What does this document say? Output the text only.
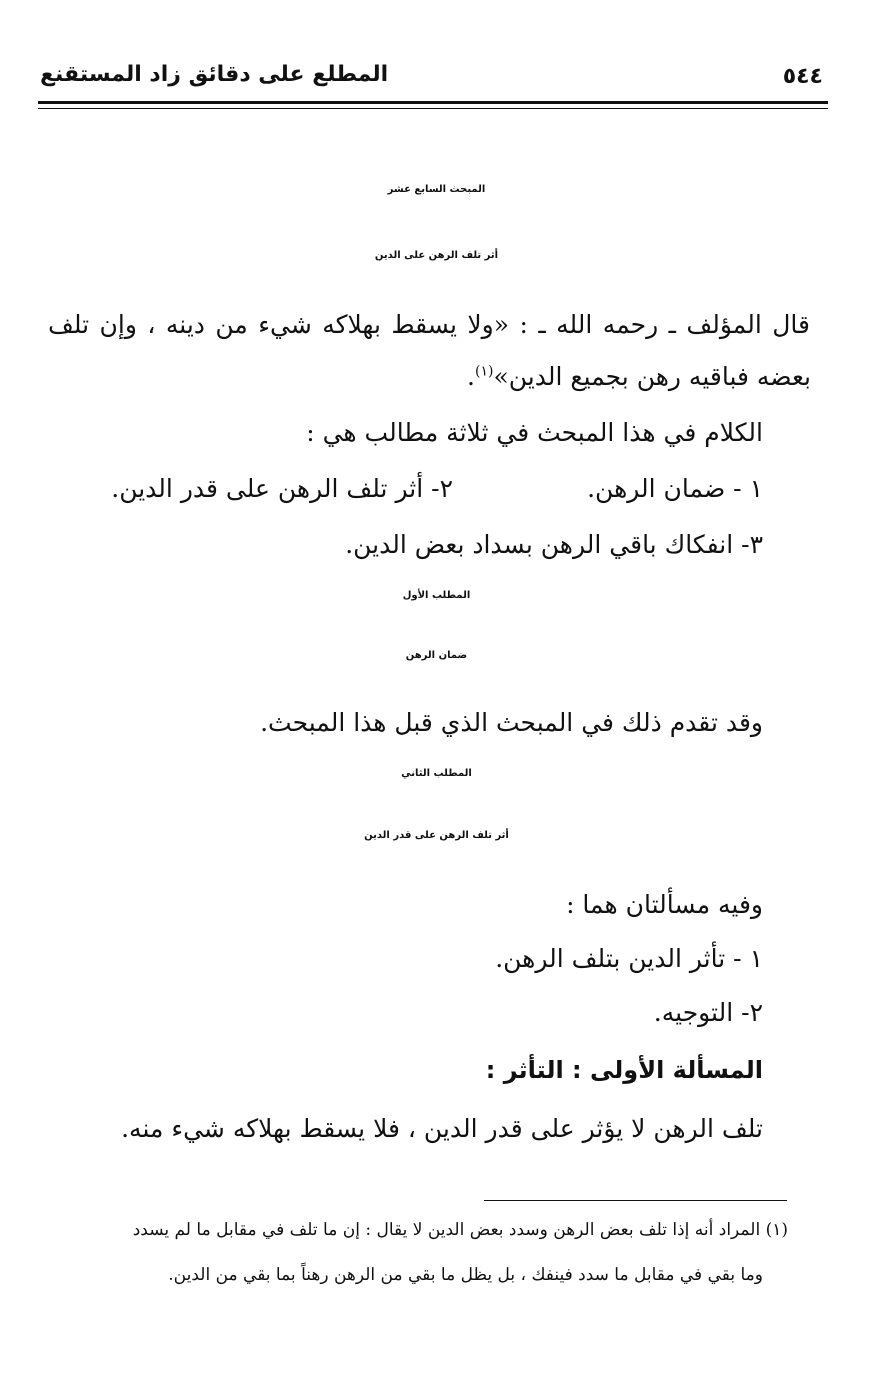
المطلع على دقائق زاد المستقنع	٥٤٤
المبحث السابع عشر
أثر تلف الرهن على الدين
قال المؤلف ـ رحمه الله ـ : «ولا يسقط بهلاكه شيء من دينه ، وإن تلف
بعضه فباقيه رهن بجميع الدين»$^{(١)}$.
الكلام في هذا المبحث في ثلاثة مطالب هي :
١ - ضمان الرهن.
٢- أثر تلف الرهن على قدر الدين.
٣- انفكاك باقي الرهن بسداد بعض الدين.
المطلب الأول
ضمان الرهن
وقد تقدم ذلك في المبحث الذي قبل هذا المبحث.
المطلب الثاني
أثر تلف الرهن على قدر الدين
وفيه مسألتان هما :
١ - تأثر الدين بتلف الرهن.
٢- التوجيه.
المسألة الأولى : التأثر :
تلف الرهن لا يؤثر على قدر الدين ، فلا يسقط بهلاكه شيء منه.
(١) المراد أنه إذا تلف بعض الرهن وسدد بعض الدين لا يقال : إن ما تلف في مقابل ما لم يسدد
وما بقي في مقابل ما سدد فينفك ، بل يظل ما بقي من الرهن رهناً بما بقي من الدين.
